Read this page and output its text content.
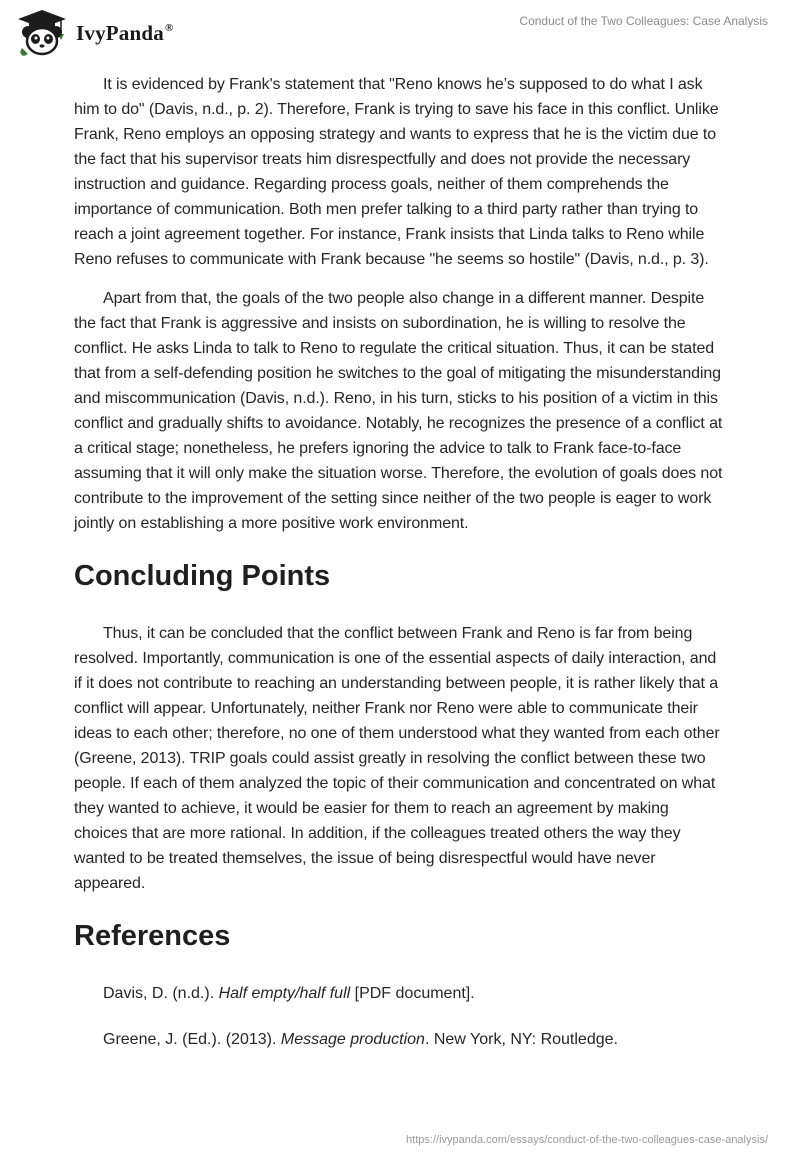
IvyPanda®	Conduct of the Two Colleagues: Case Analysis

It is evidenced by Frank's statement that "Reno knows he’s supposed to do what I ask him to do" (Davis, n.d., p. 2). Therefore, Frank is trying to save his face in this conflict. Unlike Frank, Reno employs an opposing strategy and wants to express that he is the victim due to the fact that his supervisor treats him disrespectfully and does not provide the necessary instruction and guidance. Regarding process goals, neither of them comprehends the importance of communication. Both men prefer talking to a third party rather than trying to reach a joint agreement together. For instance, Frank insists that Linda talks to Reno while Reno refuses to communicate with Frank because "he seems so hostile" (Davis, n.d., p. 3).

Apart from that, the goals of the two people also change in a different manner. Despite the fact that Frank is aggressive and insists on subordination, he is willing to resolve the conflict. He asks Linda to talk to Reno to regulate the critical situation. Thus, it can be stated that from a self-defending position he switches to the goal of mitigating the misunderstanding and miscommunication (Davis, n.d.). Reno, in his turn, sticks to his position of a victim in this conflict and gradually shifts to avoidance. Notably, he recognizes the presence of a conflict at a critical stage; nonetheless, he prefers ignoring the advice to talk to Frank face-to-face assuming that it will only make the situation worse. Therefore, the evolution of goals does not contribute to the improvement of the setting since neither of the two people is eager to work jointly on establishing a more positive work environment.

Concluding Points

Thus, it can be concluded that the conflict between Frank and Reno is far from being resolved. Importantly, communication is one of the essential aspects of daily interaction, and if it does not contribute to reaching an understanding between people, it is rather likely that a conflict will appear. Unfortunately, neither Frank nor Reno were able to communicate their ideas to each other; therefore, no one of them understood what they wanted from each other (Greene, 2013). TRIP goals could assist greatly in resolving the conflict between these two people. If each of them analyzed the topic of their communication and concentrated on what they wanted to achieve, it would be easier for them to reach an agreement by making choices that are more rational. In addition, if the colleagues treated others the way they wanted to be treated themselves, the issue of being disrespectful would have never appeared.

References
Davis, D. (n.d.). Half empty/half full [PDF document].
Greene, J. (Ed.). (2013). Message production. New York, NY: Routledge.
https://ivypanda.com/essays/conduct-of-the-two-colleagues-case-analysis/
